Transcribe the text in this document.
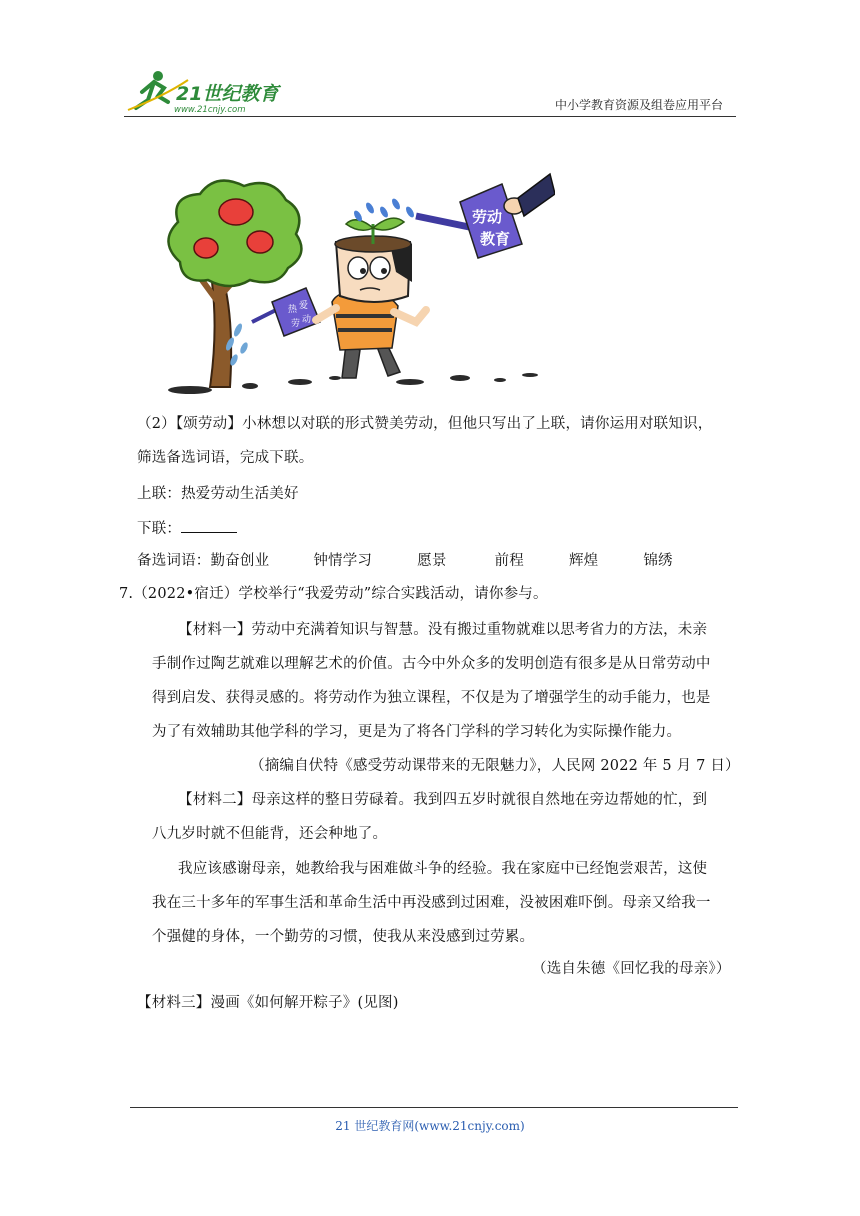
21世纪教育
www.21cnjy.com	中小学教育资源及组卷应用平台
热 爱
劳 动
劳动
教育
（2）【颂劳动】小林想以对联的形式赞美劳动，但他只写出了上联，请你运用对联知识，
筛选备选词语，完成下联。
上联：热爱劳动生活美好
下联：
备选词语：勤奋创业	钟情学习	愿景	前程	辉煌	锦绣
7.（2022•宿迁）学校举行“我爱劳动”综合实践活动，请你参与。
【材料一】劳动中充满着知识与智慧。没有搬过重物就难以思考省力的方法，未亲
手制作过陶艺就难以理解艺术的价值。古今中外众多的发明创造有很多是从日常劳动中
得到启发、获得灵感的。将劳动作为独立课程，不仅是为了增强学生的动手能力，也是
为了有效辅助其他学科的学习，更是为了将各门学科的学习转化为实际操作能力。
（摘编自伏特《感受劳动课带来的无限魅力》，人民网 2022 年 5 月 7 日）
【材料二】母亲这样的整日劳碌着。我到四五岁时就很自然地在旁边帮她的忙，到
八九岁时就不但能背，还会种地了。
我应该感谢母亲，她教给我与困难做斗争的经验。我在家庭中已经饱尝艰苦，这使
我在三十多年的军事生活和革命生活中再没感到过困难，没被困难吓倒。母亲又给我一
个强健的身体，一个勤劳的习惯，使我从来没感到过劳累。
（选自朱德《回忆我的母亲》）
【材料三】漫画《如何解开粽子》(见图)
21 世纪教育网(www.21cnjy.com)
